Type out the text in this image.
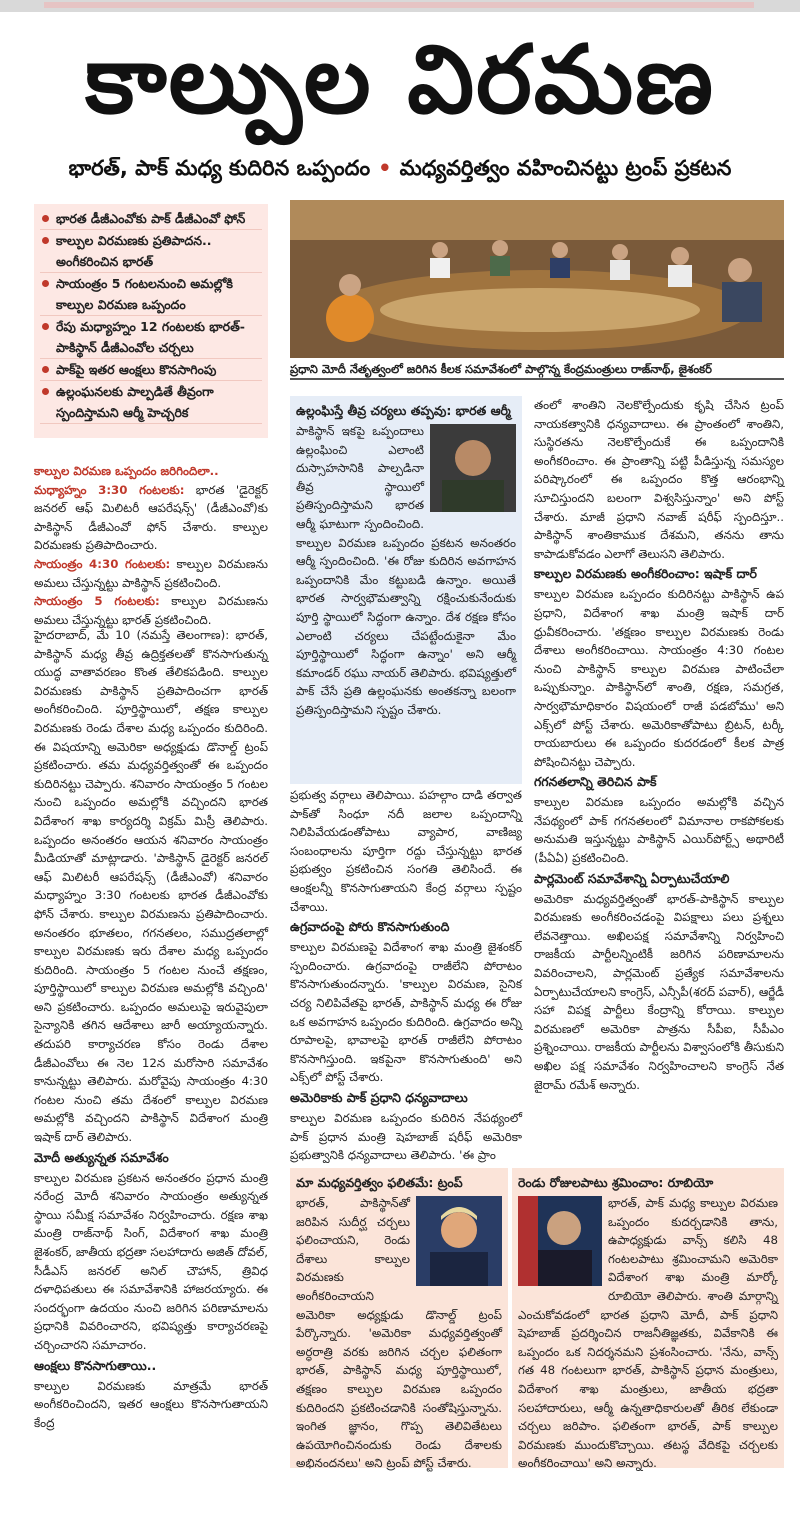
కాల్పుల విరమణ
భారత్‌, పాక్‌ మధ్య కుదిరిన ఒప్పందం • మధ్యవర్తిత్వం వహించినట్టు ట్రంప్‌ ప్రకటన
భారత డీజీఎంవోకు పాక్‌ డీజీఎంవో ఫోన్‌
కాల్పుల విరమణకు ప్రతిపాదన.. అంగీకరించిన భారత్‌
సాయంత్రం 5 గంటలనుంచి అమల్లోకి కాల్పుల విరమణ ఒప్పందం
రేపు మధ్యాహ్నం 12 గంటలకు భారత్‌-పాకిస్థాన్‌ డీజీఎంవోల చర్చలు
పాక్‌పై ఇతర ఆంక్షలు కొనసాగింపు
ఉల్లంఘనలకు పాల్పడితే తీవ్రంగా స్పందిస్తామని ఆర్మీ హెచ్చరిక
ప్రధాని మోదీ నేతృత్వంలో జరిగిన కీలక సమావేశంలో పాల్గొన్న కేంద్రమంత్రులు రాజ్‌నాథ్‌, జైశంకర్‌
కాల్పుల విరమణ ఒప్పందం జరిగిందిలా..
మధ్యాహ్నం 3:30 గంటలకు: భారత 'డైరెక్టర్‌ జనరల్‌ ఆఫ్‌ మిలిటరీ ఆపరేషన్స్‌' (డీజీఎంవో)కు పాకిస్థాన్‌ డీజీఎంవో ఫోన్‌ చేశారు. కాల్పుల విరమణకు ప్రతిపాదించారు.
సాయంత్రం 4:30 గంటలకు: కాల్పుల విరమణను అమలు చేస్తున్నట్టు పాకిస్థాన్‌ ప్రకటించింది.
సాయంత్రం 5 గంటలకు: కాల్పుల విరమణను అమలు చేస్తున్నట్టు భారత్‌ ప్రకటించింది.
హైదరాబాద్‌, మే 10 (నమస్తే తెలంగాణ): భారత్‌, పాకిస్థాన్‌ మధ్య తీవ్ర ఉద్రిక్తతలతో కొనసాగుతున్న యుద్ధ వాతావరణం కొంత తేలికపడింది. కాల్పుల విరమణకు పాకిస్థాన్‌ ప్రతిపాదించగా భారత్‌ అంగీకరించింది. పూర్తిస్థాయిలో, తక్షణ కాల్పుల విరమణకు రెండు దేశాల మధ్య ఒప్పందం కుదిరింది. ఈ విషయాన్ని అమెరికా అధ్యక్షుడు డొనాల్డ్‌ ట్రంప్‌ ప్రకటించారు. తమ మధ్యవర్తిత్వంతో ఈ ఒప్పందం కుదిరినట్టు చెప్పారు. శనివారం సాయంత్రం 5 గంటల నుంచి ఒప్పందం అమల్లోకి వచ్చిందని భారత విదేశాంగ శాఖ కార్యదర్శి విక్రమ్‌ మిస్రీ తెలిపారు. ఒప్పందం అనంతరం ఆయన శనివారం సాయంత్రం మీడియాతో మాట్లాడారు. 'పాకిస్థాన్‌ డైరెక్టర్‌ జనరల్‌ ఆఫ్‌ మిలిటరీ ఆపరేషన్స్‌ (డీజీఎంవో) శనివారం మధ్యాహ్నం 3:30 గంటలకు భారత డీజీఎంవోకు ఫోన్‌ చేశారు. కాల్పుల విరమణను ప్రతిపాదించారు. అనంతరం భూతలం, గగనతలం, సముద్రతలాల్లో కాల్పుల విరమణకు ఇరు దేశాల మధ్య ఒప్పందం కుదిరింది. సాయంత్రం 5 గంటల నుంచే తక్షణం, పూర్తిస్థాయిలో కాల్పుల విరమణ అమల్లోకి వచ్చింది' అని ప్రకటించారు. ఒప్పందం అమలుపై ఇరువైపులా సైన్యానికి తగిన ఆదేశాలు జారీ అయ్యాయన్నారు. తదుపరి కార్యాచరణ కోసం రెండు దేశాల డీజీఎంవోలు ఈ నెల 12న మరోసారి సమావేశం కానున్నట్టు తెలిపారు. మరోవైపు సాయంత్రం 4:30 గంటల నుంచి తమ దేశంలో కాల్పుల విరమణ అమల్లోకి వచ్చిందని పాకిస్థాన్‌ విదేశాంగ మంత్రి ఇషాక్‌ దార్‌ తెలిపారు.
మోదీ అత్యున్నత సమావేశం
కాల్పుల విరమణ ప్రకటన అనంతరం ప్రధాన మంత్రి నరేంద్ర మోదీ శనివారం సాయంత్రం అత్యున్నత స్థాయి సమీక్ష సమావేశం నిర్వహించారు. రక్షణ శాఖ మంత్రి రాజ్‌నాథ్‌ సింగ్‌, విదేశాంగ శాఖ మంత్రి జైశంకర్‌, జాతీయ భద్రతా సలహాదారు అజిత్‌ దోవల్‌, సీడీఎస్‌ జనరల్‌ అనిల్‌ చౌహాన్‌, త్రివిధ దళాధిపతులు ఈ సమావేశానికి హాజరయ్యారు. ఈ సందర్భంగా ఉదయం నుంచి జరిగిన పరిణామాలను ప్రధానికి వివరించారని, భవిష్యత్తు కార్యాచరణపై చర్చించారని సమాచారం.
ఆంక్షలు కొనసాగుతాయి..
కాల్పుల విరమణకు మాత్రమే భారత్‌ అంగీకరించిందని, ఇతర ఆంక్షలు కొనసాగుతాయని కేంద్ర
ఉల్లంఘిస్తే తీవ్ర చర్యలు తప్పవు: భారత ఆర్మీ
పాకిస్థాన్‌ ఇకపై ఒప్పందాలు ఉల్లంఘించి ఎలాంటి దుస్సాహసానికి పాల్పడినా తీవ్ర స్థాయిలో ప్రతిస్పందిస్తామని భారత ఆర్మీ ఘాటుగా స్పందించింది. కాల్పుల విరమణ ఒప్పందం ప్రకటన అనంతరం ఆర్మీ స్పందించింది. 'ఈ రోజు కుదిరిన అవగాహన ఒప్పందానికి మేం కట్టుబడి ఉన్నాం. అయితే భారత సార్వభౌమత్వాన్ని రక్షించుకునేందుకు పూర్తి స్థాయిలో సిద్ధంగా ఉన్నాం. దేశ రక్షణ కోసం ఎలాంటి చర్యలు చేపట్టేందుకైనా మేం పూర్తిస్థాయిలో సిద్ధంగా ఉన్నాం' అని ఆర్మీ కమాండర్‌ రఘు నాయర్‌ తెలిపారు. భవిష్యత్తులో పాక్‌ చేసే ప్రతి ఉల్లంఘనకు అంతకన్నా బలంగా ప్రతిస్పందిస్తామని స్పష్టం చేశారు.
ప్రభుత్వ వర్గాలు తెలిపాయి. పహల్గాం దాడి తర్వాత పాక్‌తో సింధూ నదీ జలాల ఒప్పందాన్ని నిలిపివేయడంతోపాటు వ్యాపార, వాణిజ్య సంబంధాలను పూర్తిగా రద్దు చేస్తున్నట్టు భారత ప్రభుత్వం ప్రకటించిన సంగతి తెలిసిందే. ఈ ఆంక్షలన్నీ కొనసాగుతాయని కేంద్ర వర్గాలు స్పష్టం చేశాయి.
ఉగ్రవాదంపై పోరు కొనసాగుతుంది
కాల్పుల విరమణపై విదేశాంగ శాఖ మంత్రి జైశంకర్‌ స్పందించారు. ఉగ్రవాదంపై రాజీలేని పోరాటం కొనసాగుతుందన్నారు. 'కాల్పుల విరమణ, సైనిక చర్య నిలిపివేతపై భారత్‌, పాకిస్థాన్‌ మధ్య ఈ రోజు ఒక అవగాహన ఒప్పందం కుదిరింది. ఉగ్రవాదం అన్ని రూపాలపై, భావాలపై భారత్‌ రాజీలేని పోరాటం కొనసాగిస్తుంది. ఇకపైనా కొనసాగుతుంది' అని ఎక్స్‌లో పోస్ట్‌ చేశారు.
అమెరికాకు పాక్‌ ప్రధాని ధన్యవాదాలు
కాల్పుల విరమణ ఒప్పందం కుదిరిన నేపథ్యంలో పాక్‌ ప్రధాన మంత్రి షెహబాజ్‌ షరీఫ్‌ అమెరికా ప్రభుత్వానికి ధన్యవాదాలు తెలిపారు. 'ఈ ప్రాం
తంలో శాంతిని నెలకొల్పేందుకు కృషి చేసిన ట్రంప్‌ నాయకత్వానికి ధన్యవాదాలు. ఈ ప్రాంతంలో శాంతిని, సుస్థిరతను నెలకొల్పేందుకే ఈ ఒప్పందానికి అంగీకరించాం. ఈ ప్రాంతాన్ని పట్టి పీడిస్తున్న సమస్యల పరిష్కారంలో ఈ ఒప్పందం కొత్త ఆరంభాన్ని సూచిస్తుందని బలంగా విశ్వసిస్తున్నాం' అని పోస్ట్‌ చేశారు. మాజీ ప్రధాని నవాజ్‌ షరీఫ్‌ స్పందిస్తూ.. పాకిస్థాన్‌ శాంతికాముక దేశమని, తనను తాను కాపాడుకోవడం ఎలాగో తెలుసని తెలిపారు.
కాల్పుల విరమణకు అంగీకరించాం: ఇషాక్‌ దార్‌
కాల్పుల విరమణ ఒప్పందం కుదిరినట్టు పాకిస్థాన్‌ ఉప ప్రధాని, విదేశాంగ శాఖ మంత్రి ఇషాక్‌ దార్‌ ధ్రువీకరించారు. 'తక్షణం కాల్పుల విరమణకు రెండు దేశాలు అంగీకరించాయి. సాయంత్రం 4:30 గంటల నుంచి పాకిస్థాన్‌ కాల్పుల విరమణ పాటించేలా ఒప్పుకున్నాం. పాకిస్థాన్‌లో శాంతి, రక్షణ, సమగ్రత, సార్వభౌమాధికారం విషయంలో రాజీ పడబోము' అని ఎక్స్‌లో పోస్ట్‌ చేశారు. అమెరికాతోపాటు బ్రిటన్‌, టర్కీ రాయబారులు ఈ ఒప్పందం కుదరడంలో కీలక పాత్ర పోషించినట్టు చెప్పారు.
గగనతలాన్ని తెరిచిన పాక్‌
కాల్పుల విరమణ ఒప్పందం అమల్లోకి వచ్చిన నేపథ్యంలో పాక్‌ గగనతలంలో విమానాల రాకపోకలకు అనుమతి ఇస్తున్నట్టు పాకిస్థాన్‌ ఎయిర్‌పోర్ట్స్‌ అథారిటీ (పీఏఏ) ప్రకటించింది.
పార్లమెంట్‌ సమావేశాన్ని ఏర్పాటుచేయాలి
అమెరికా మధ్యవర్తిత్వంతో భారత్‌-పాకిస్థాన్‌ కాల్పుల విరమణకు అంగీకరించడంపై విపక్షాలు పలు ప్రశ్నలు లేవనెత్తాయి. అఖిలపక్ష సమావేశాన్ని నిర్వహించి రాజకీయ పార్టీలన్నింటికీ జరిగిన పరిణామాలను వివరించాలని, పార్లమెంట్‌ ప్రత్యేక సమావేశాలను ఏర్పాటుచేయాలని కాంగ్రెస్‌, ఎన్సీపీ(శరద్‌ పవార్‌), ఆర్జేడీ సహా విపక్ష పార్టీలు కేంద్రాన్ని కోరాయి. కాల్పుల విరమణలో అమెరికా పాత్రను సీపీఐ, సీపీఎం ప్రశ్నించాయి. రాజకీయ పార్టీలను విశ్వాసంలోకి తీసుకుని అఖిల పక్ష సమావేశం నిర్వహించాలని కాంగ్రెస్‌ నేత జైరామ్‌ రమేశ్‌ అన్నారు.
మా మధ్యవర్తిత్వం ఫలితమే: ట్రంప్‌
భారత్‌, పాకిస్థాన్‌తో జరిపిన సుదీర్ఘ చర్చలు ఫలించాయని, రెండు దేశాలు కాల్పుల విరమణకు అంగీకరించాయని అమెరికా అధ్యక్షుడు డొనాల్డ్‌ ట్రంప్‌ పేర్కొన్నారు. 'అమెరికా మధ్యవర్తిత్వంతో అర్ధరాత్రి వరకు జరిగిన చర్చల ఫలితంగా భారత్‌, పాకిస్థాన్‌ మధ్య పూర్తిస్థాయిలో, తక్షణం కాల్పుల విరమణ ఒప్పందం కుదిరిందని ప్రకటించడానికి సంతోషిస్తున్నాను. ఇంగిత జ్ఞానం, గొప్ప తెలివితేటలు ఉపయోగించినందుకు రెండు దేశాలకు అభినందనలు' అని ట్రంప్‌ పోస్ట్‌ చేశారు.
రెండు రోజులపాటు శ్రమించాం: రూబియో
భారత్‌, పాక్‌ మధ్య కాల్పుల విరమణ ఒప్పందం కుదర్చడానికి తాను, ఉపాధ్యక్షుడు వాన్స్‌ కలిసి 48 గంటలపాటు శ్రమించామని అమెరికా విదేశాంగ శాఖ మంత్రి మార్కో రూబియో తెలిపారు. శాంతి మార్గాన్ని ఎంచుకోవడంలో భారత ప్రధాని మోదీ, పాక్‌ ప్రధాని షెహబాజ్‌ ప్రదర్శించిన రాజనీతిజ్ఞతకు, వివేకానికి ఈ ఒప్పందం ఒక నిదర్శనమని ప్రశంసించారు. 'నేను, వాన్స్‌ గత 48 గంటలుగా భారత్‌, పాకిస్థాన్‌ ప్రధాన మంత్రులు, విదేశాంగ శాఖ మంత్రులు, జాతీయ భద్రతా సలహాదారులు, ఆర్మీ ఉన్నతాధికారులతో తీరిక లేకుండా చర్చలు జరిపాం. ఫలితంగా భారత్‌, పాక్‌ కాల్పుల విరమణకు ముందుకొచ్చాయి. తటస్థ వేదికపై చర్చలకు అంగీకరించాయి' అని అన్నారు.
